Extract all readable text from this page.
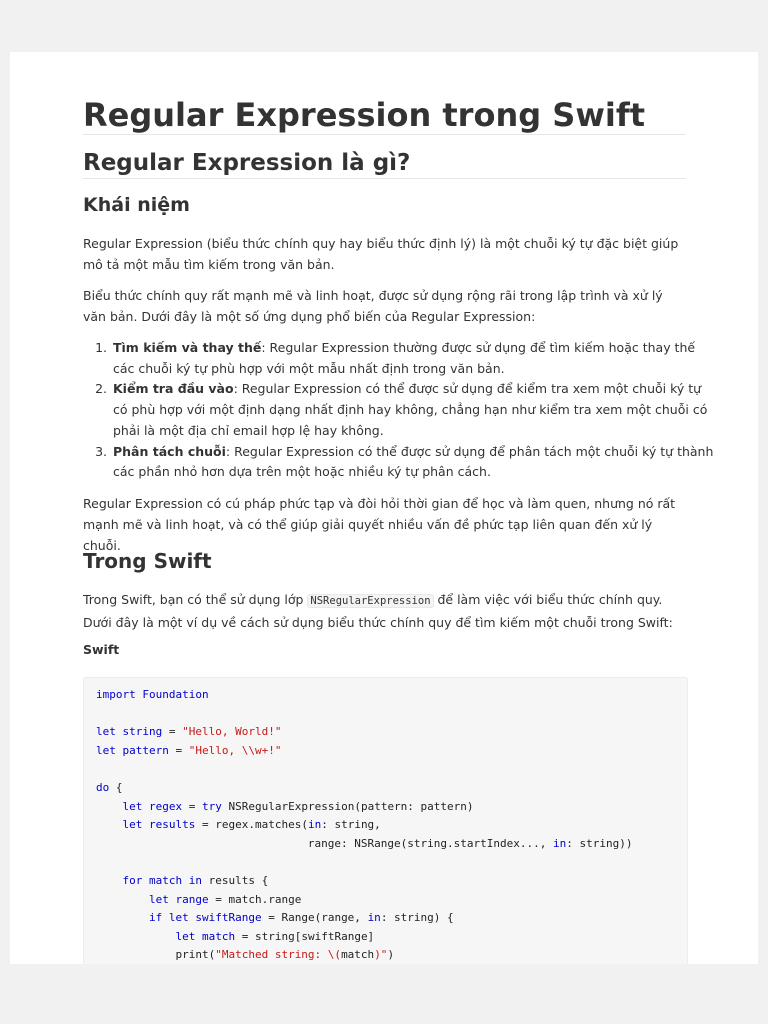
Regular Expression trong Swift
Regular Expression là gì?
Khái niệm

Regular Expression (biểu thức chính quy hay biểu thức định lý) là một chuỗi ký tự đặc biệt giúp mô tả một mẫu tìm kiếm trong văn bản.

Biểu thức chính quy rất mạnh mẽ và linh hoạt, được sử dụng rộng rãi trong lập trình và xử lý văn bản. Dưới đây là một số ứng dụng phổ biến của Regular Expression:

1. Tìm kiếm và thay thế: Regular Expression thường được sử dụng để tìm kiếm hoặc thay thế các chuỗi ký tự phù hợp với một mẫu nhất định trong văn bản.
2. Kiểm tra đầu vào: Regular Expression có thể được sử dụng để kiểm tra xem một chuỗi ký tự có phù hợp với một định dạng nhất định hay không, chẳng hạn như kiểm tra xem một chuỗi có phải là một địa chỉ email hợp lệ hay không.
3. Phân tách chuỗi: Regular Expression có thể được sử dụng để phân tách một chuỗi ký tự thành các phần nhỏ hơn dựa trên một hoặc nhiều ký tự phân cách.

Regular Expression có cú pháp phức tạp và đòi hỏi thời gian để học và làm quen, nhưng nó rất mạnh mẽ và linh hoạt, và có thể giúp giải quyết nhiều vấn đề phức tạp liên quan đến xử lý chuỗi.

Trong Swift

Trong Swift, bạn có thể sử dụng lớp NSRegularExpression để làm việc với biểu thức chính quy. Dưới đây là một ví dụ về cách sử dụng biểu thức chính quy để tìm kiếm một chuỗi trong Swift:

Swift
import Foundation

let string = "Hello, World!"
let pattern = "Hello, \\w+!"

do {
let regex = try NSRegularExpression(pattern: pattern)
let results = regex.matches(in: string,
range: NSRange(string.startIndex..., in: string))

for match in results {
let range = match.range
if let swiftRange = Range(range, in: string) {
let match = string[swiftRange]
print("Matched string: \(match)")
